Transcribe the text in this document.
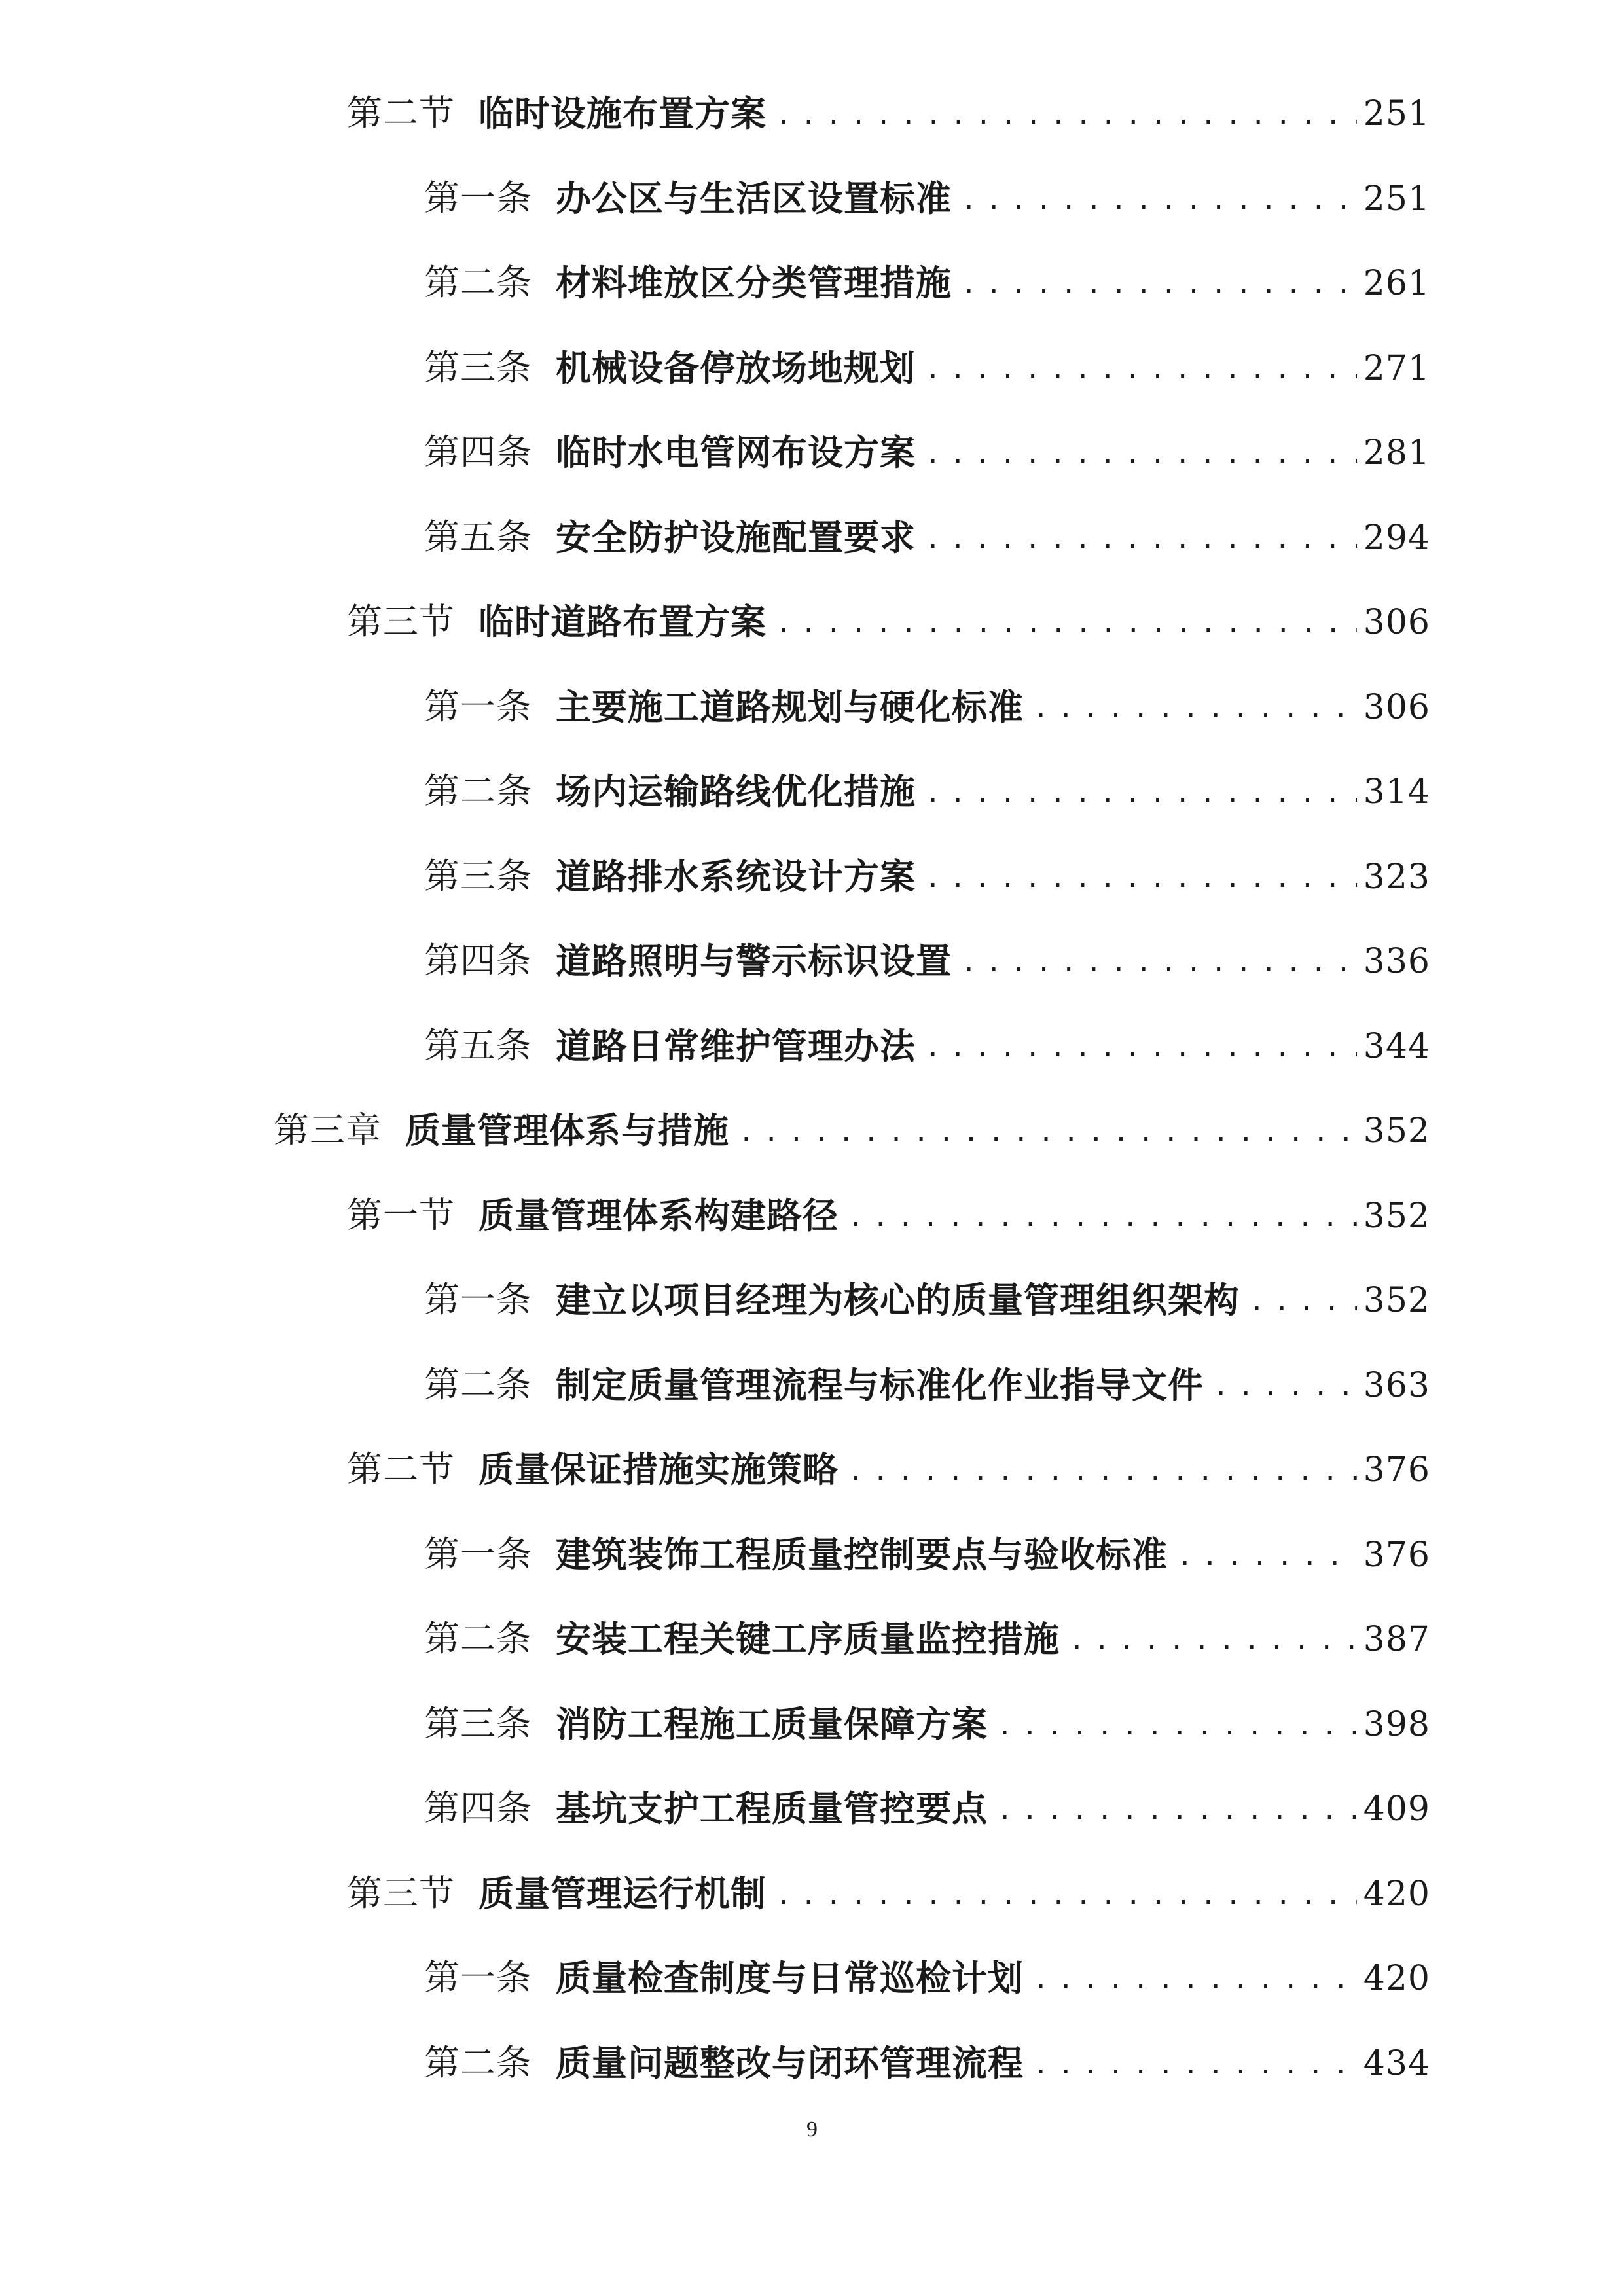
第二节 临时设施布置方案 . . .	251
第一条 办公区与生活区设置标准 . . .	251
第二条 材料堆放区分类管理措施 . . .	261
第三条 机械设备停放场地规划 . . .	271
第四条 临时水电管网布设方案 . . .	281
第五条 安全防护设施配置要求 . . .	294
第三节 临时道路布置方案 . . .	306
第一条 主要施工道路规划与硬化标准 . . .	306
第二条 场内运输路线优化措施 . . .	314
第三条 道路排水系统设计方案 . . .	323
第四条 道路照明与警示标识设置 . . .	336
第五条 道路日常维护管理办法 . . .	344
第三章 质量管理体系与措施 . . .	352
第一节 质量管理体系构建路径 . . .	352
第一条 建立以项目经理为核心的质量管理组织架构 . . .	352
第二条 制定质量管理流程与标准化作业指导文件 . . .	363
第二节 质量保证措施实施策略 . . .	376
第一条 建筑装饰工程质量控制要点与验收标准 . . .	376
第二条 安装工程关键工序质量监控措施 . . .	387
第三条 消防工程施工质量保障方案 . . .	398
第四条 基坑支护工程质量管控要点 . . .	409
第三节 质量管理运行机制 . . .	420
第一条 质量检查制度与日常巡检计划 . . .	420
第二条 质量问题整改与闭环管理流程 . . .	434
9
